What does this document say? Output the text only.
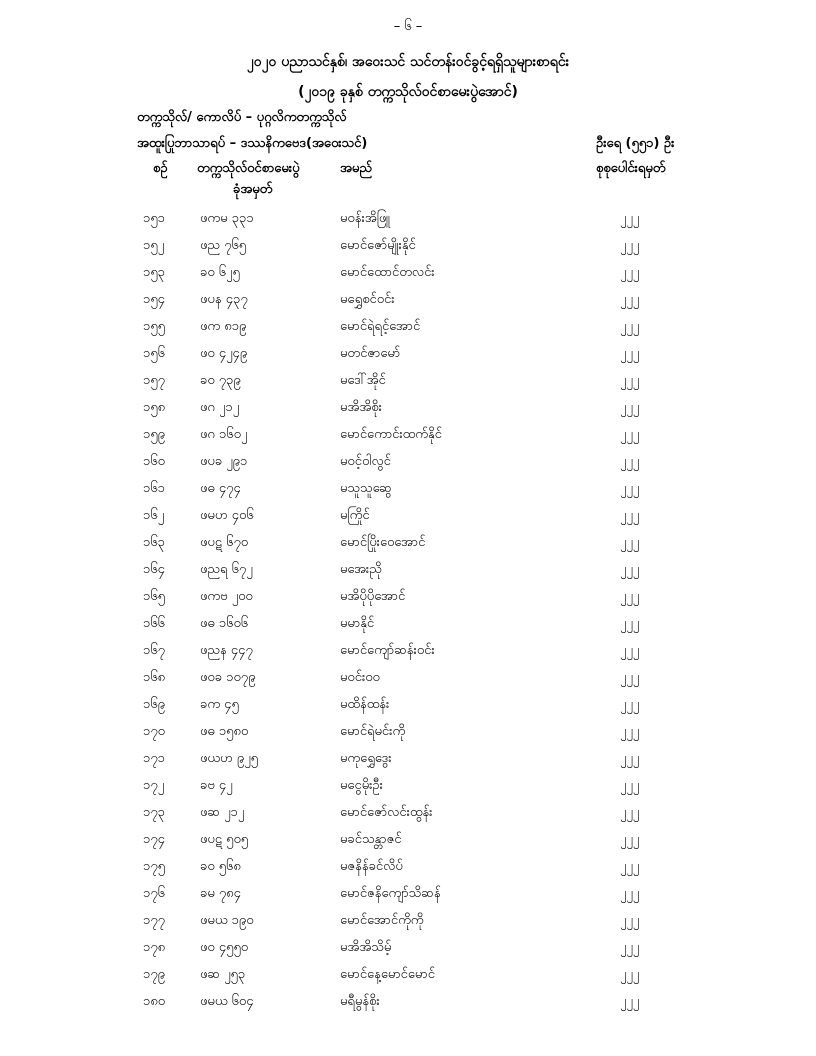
– ၆ –
၂၀၂၀ ပညာသင်နှစ်၊ အဝေးသင် သင်တန်းဝင်ခွင့်ရရှိသူများစာရင်း
(၂၀၁၉ ခုနှစ် တက္ကသိုလ်ဝင်စာမေးပွဲအောင်)
တက္ကသိုလ်/ ကောလိပ် – ပုဂ္ဂလိကတက္ကသိုလ်
အထူးပြုဘာသာရပ် – ဒဿနိကဗေဒ(အဝေးသင်)	ဦးရေ (၅၅၁) ဦး
စဉ် တက္ကသိုလ်ဝင်စာမေးပွဲ
ခုံအမှတ်
အမည်	စုစုပေါင်းရမှတ်
၁၅၁	ဖကမ ၃၃၁	မဝန်းအိဖြူ	၂၂၂
၁၅၂	ဖည ၇၆၅	မောင်ဇော်မျိုးနိုင်	၂၂၂
၁၅၃	ခဝ ၆၂၅	မောင်ထောင်တလင်း	၂၂၂
၁၅၄	ဖပန ၄၃၇	မရွှေစင်ဝင်း	၂၂၂
၁၅၅	ဖက ၈၁၉	မောင်ရဲရင့်အောင်	၂၂၂
၁၅၆	ဖဝ ၄၂၄၉	မတင်ဇာမော်	၂၂၂
၁၅၇	ခဝ ၇၃၉	မဒေါ်အိုင်	၂၂၂
၁၅၈	ဖဂ ၂၁၂	မအိအိစိုး	၂၂၂
၁၅၉	ဖဂ ၁၆၀၂	မောင်ကောင်းထက်နိုင်	၂၂၂
၁၆၀	ဖပခ ၂၉၁	မဝင့်ဝါလွင်	၂၂၂
၁၆၁	ဖဓ ၄၇၄	မသူသူဆွေ	၂၂၂
၁၆၂	ဖမဟ ၄၀၆	မကြိုင်	၂၂၂
၁၆၃	ဖပဋ ၆၇၀	မောင်ပြိုးဝေအောင်	၂၂၂
၁၆၄	ဖညရ ၆၇၂	မအေးညို	၂၂၂
၁၆၅	ဖကဗ ၂၀၀	မအိပိုပိုအောင်	၂၂၂
၁၆၆	ဖဓ ၁၆၀၆	မမာနိုင်	၂၂၂
၁၆၇	ဖညန ၄၄၇	မောင်ကျော်ဆန်းဝင်း	၂၂၂
၁၆၈	ဖဝခ ၁၀၇၉	မဝင်းဝဝ	၂၂၂
၁၆၉	ခက ၄၅	မထိန်ထန်း	၂၂၂
၁၇၀	ဖဓ ၁၅၈၀	မောင်ရဲမင်းကို	၂၂၂
၁၇၁	ဖယဟ ၉၂၅	မကုရွှေဒွေး	၂၂၂
၁၇၂	ခဗ ၄၂	မငွေမိုးဦး	၂၂၂
၁၇၃	ဖဆ ၂၁၂	မောင်ဇော်လင်းထွန်း	၂၂၂
၁၇၄	ဖပဋ ၅၀၅	မခင်သန္တာဇင်	၂၂၂
၁၇၅	ခဝ ၅၆၈	မဇနိန်ခင်လိပ်	၂၂၂
၁၇၆	ခမ ၇၈၄	မောင်ဇနိကျော်သိဆန်	၂၂၂
၁၇၇	ဖမယ ၁၉၀	မောင်အောင်ကိုကို	၂၂၂
၁၇၈	ဖဝ ၄၅၅၀	မအိအိသိမ့်	၂၂၂
၁၇၉	ဖဆ ၂၅၃	မောင်နေ့မောင်မောင်	၂၂၂
၁၈၀	ဖမယ ၆၀၄	မရီမွန်စိုး	၂၂၂
